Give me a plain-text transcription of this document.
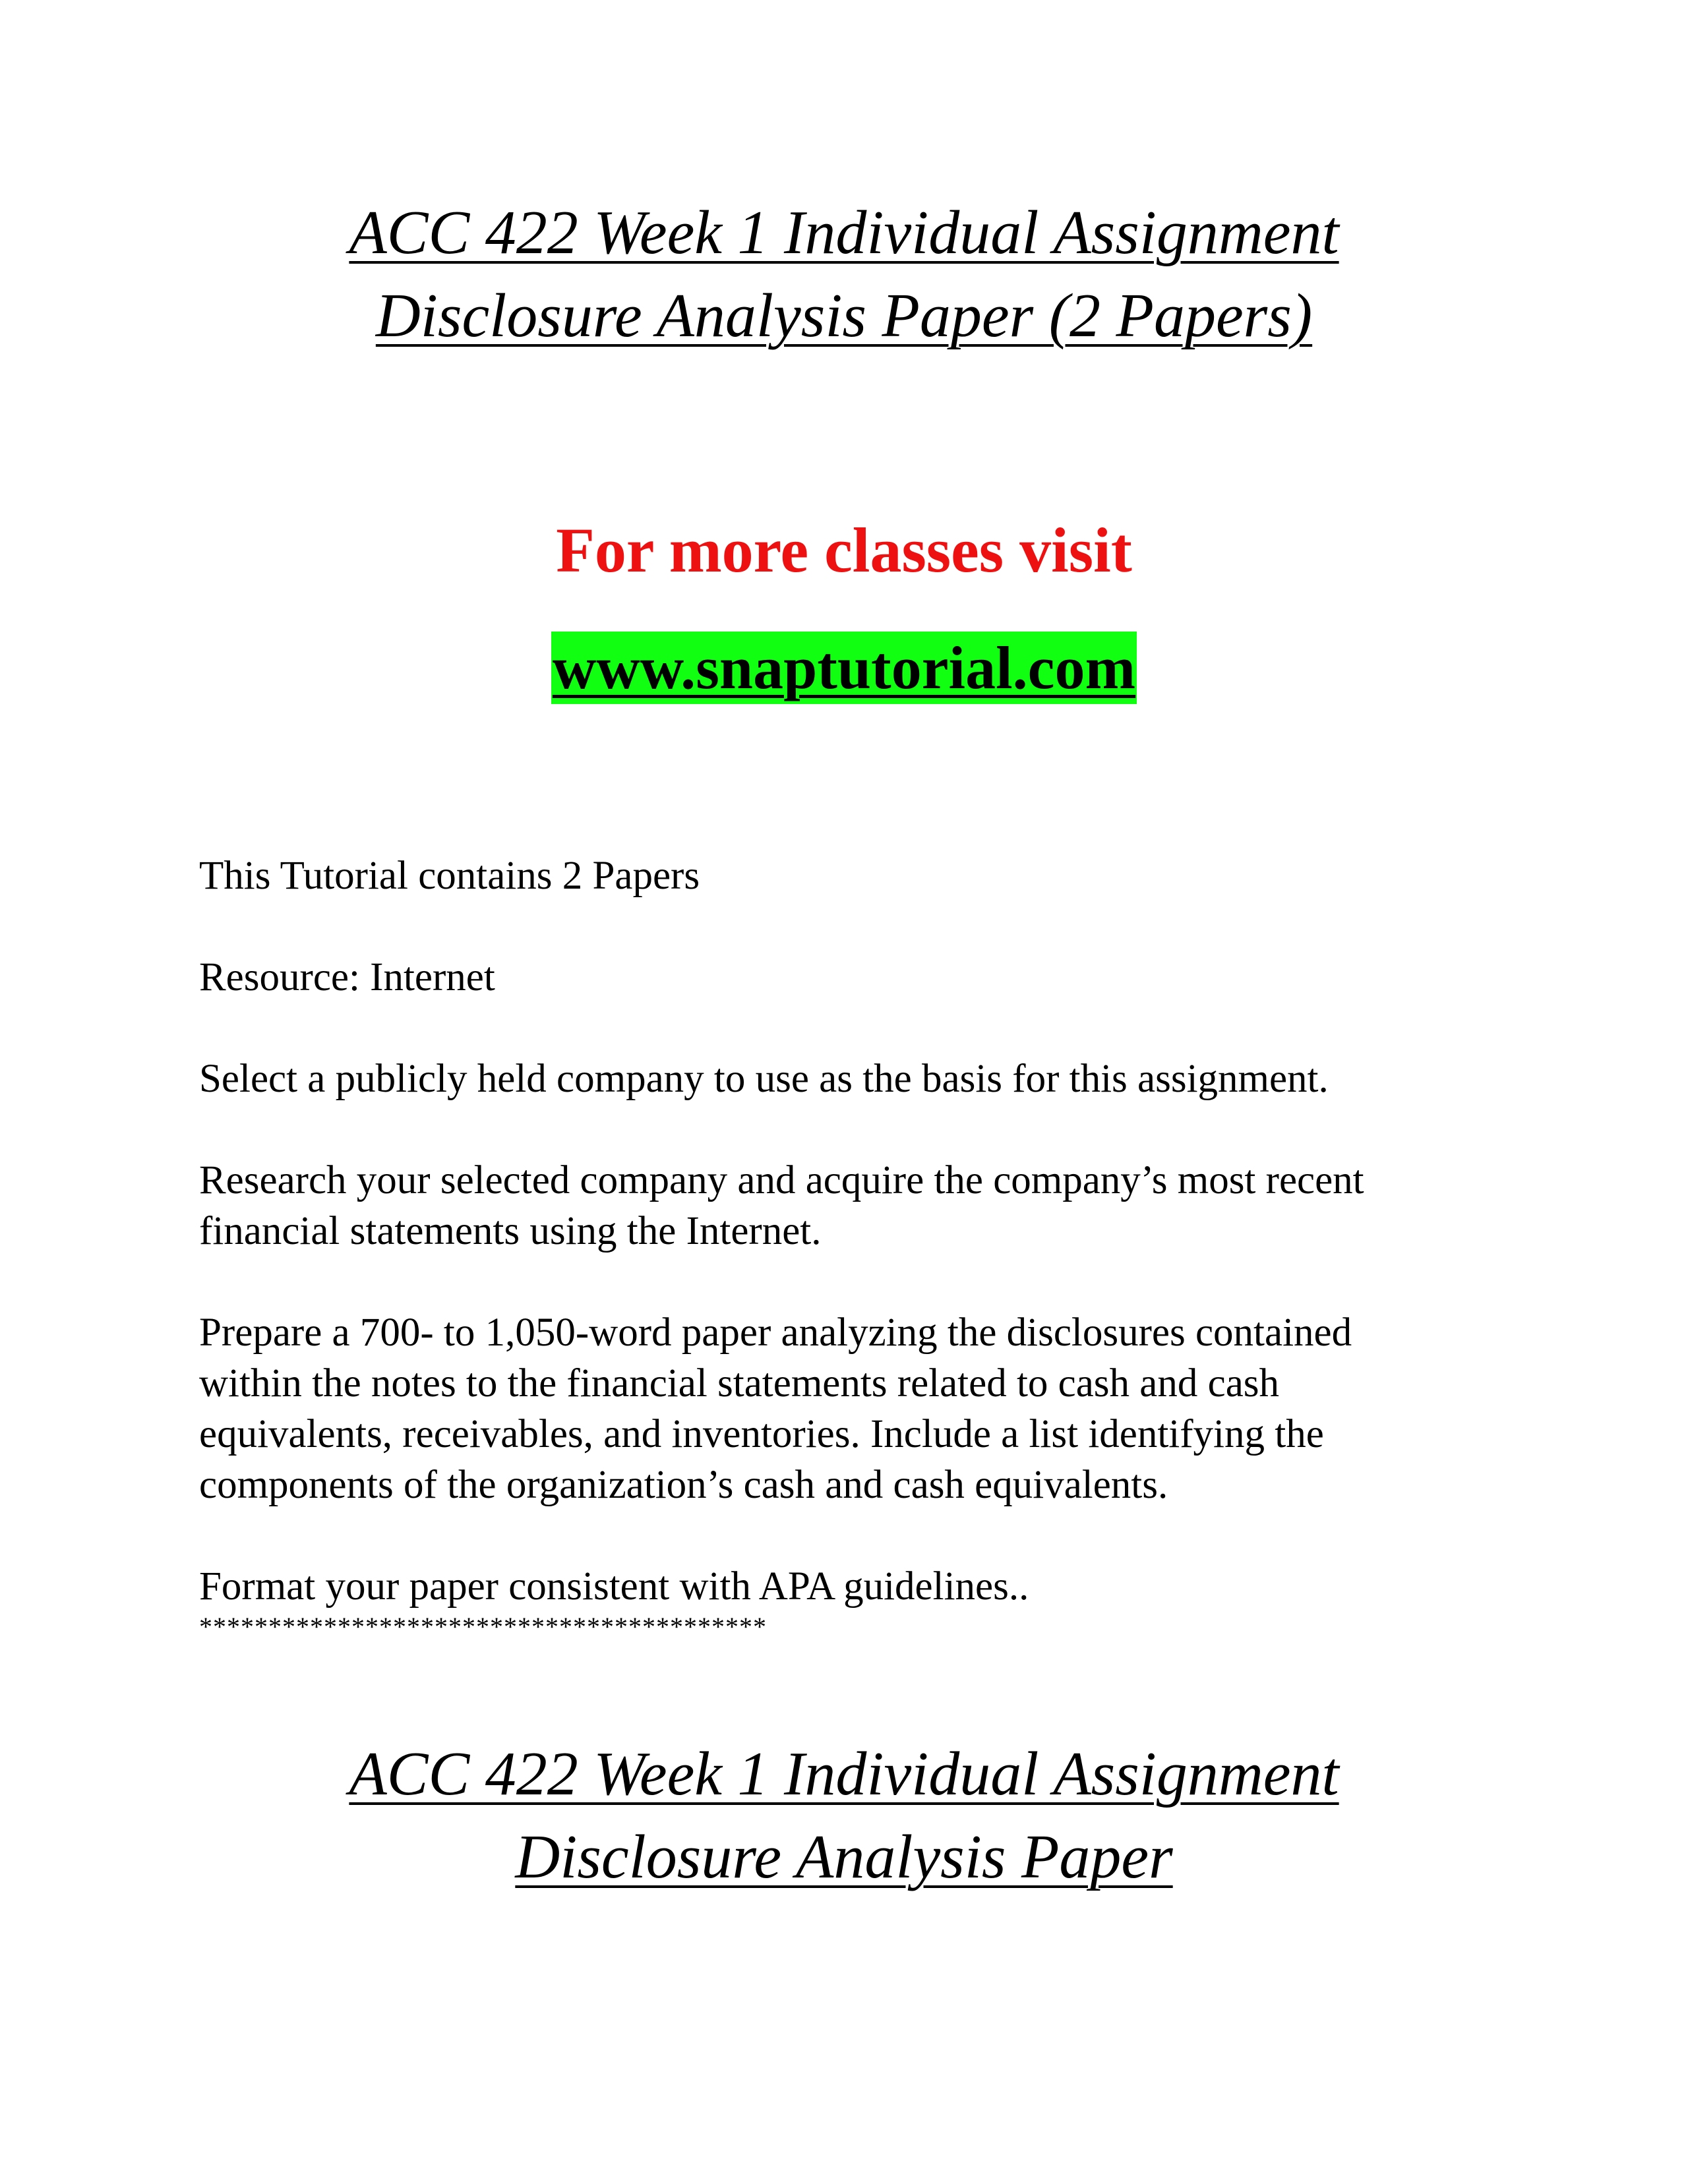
ACC 422 Week 1 Individual Assignment
Disclosure Analysis Paper (2 Papers)
For more classes visit
www.snaptutorial.com
This Tutorial contains 2 Papers
Resource: Internet
Select a publicly held company to use as the basis for this assignment.
Research your selected company and acquire the company’s most recent
financial statements using the Internet.
Prepare a 700- to 1,050-word paper analyzing the disclosures contained
within the notes to the financial statements related to cash and cash
equivalents, receivables, and inventories. Include a list identifying the
components of the organization’s cash and cash equivalents.
Format your paper consistent with APA guidelines..
*****************************************
ACC 422 Week 1 Individual Assignment
Disclosure Analysis Paper
